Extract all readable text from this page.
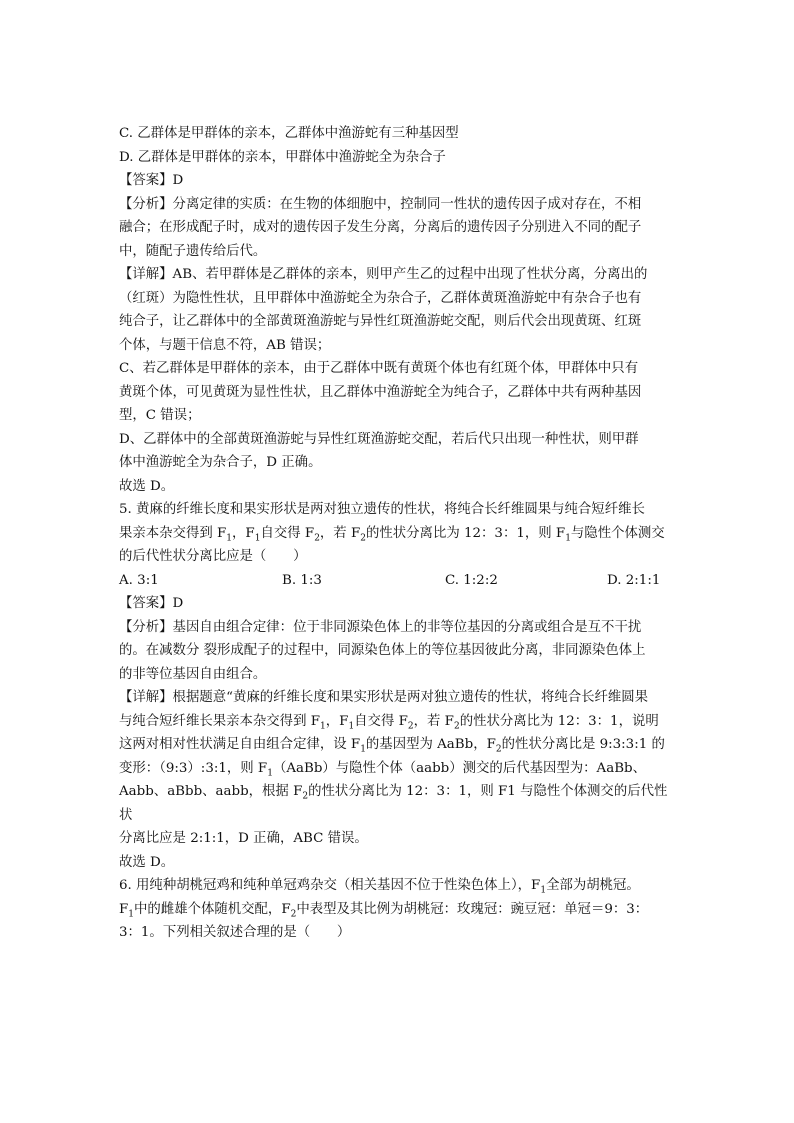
C. 乙群体是甲群体的亲本，乙群体中渔游蛇有三种基因型

D. 乙群体是甲群体的亲本，甲群体中渔游蛇全为杂合子

【答案】D

【分析】分离定律的实质：在生物的体细胞中，控制同一性状的遗传因子成对存在，不相

融合；在形成配子时，成对的遗传因子发生分离，分离后的遗传因子分别进入不同的配子

中，随配子遗传给后代。

【详解】AB、若甲群体是乙群体的亲本，则甲产生乙的过程中出现了性状分离，分离出的

（红斑）为隐性性状，且甲群体中渔游蛇全为杂合子，乙群体黄斑渔游蛇中有杂合子也有

纯合子，让乙群体中的全部黄斑渔游蛇与异性红斑渔游蛇交配，则后代会出现黄斑、红斑

个体，与题干信息不符，AB 错误；

C、若乙群体是甲群体的亲本，由于乙群体中既有黄斑个体也有红斑个体，甲群体中只有

黄斑个体，可见黄斑为显性性状，且乙群体中渔游蛇全为纯合子，乙群体中共有两种基因

型，C 错误；

D、乙群体中的全部黄斑渔游蛇与异性红斑渔游蛇交配，若后代只出现一种性状，则甲群

体中渔游蛇全为杂合子，D 正确。

故选 D。

5. 黄麻的纤维长度和果实形状是两对独立遗传的性状，将纯合长纤维圆果与纯合短纤维长

果亲本杂交得到 $F_1$，$F_1$自交得 $F_2$，若 $F_2$的性状分离比为 12：3：1，则 $F_1$与隐性个体测交

的后代性状分离比应是（　　）

A. 3:1	B. 1:3	C. 1:2:2	D. 2:1:1

【答案】D

【分析】基因自由组合定律：位于非同源染色体上的非等位基因的分离或组合是互不干扰

的。在减数分 裂形成配子的过程中，同源染色体上的等位基因彼此分离，非同源染色体上

的非等位基因自由组合。

【详解】根据题意“黄麻的纤维长度和果实形状是两对独立遗传的性状，将纯合长纤维圆果

与纯合短纤维长果亲本杂交得到 $F_1$，$F_1$自交得 $F_2$，若 $F_2$的性状分离比为 12：3：1，说明

这两对相对性状满足自由组合定律，设 $F_1$的基因型为 AaBb，$F_2$的性状分离比是 9:3:3:1 的

变形：（9:3）:3:1，则 $F_1(AaBb)$与隐性个体（aabb）测交的后代基因型为：AaBb、

Aabb、aBbb、aabb，根据 $F_2$的性状分离比为 12：3：1，则 F1 与隐性个体测交的后代性状

分离比应是 2:1:1，D 正确，ABC 错误。

故选 D。

6. 用纯种胡桃冠鸡和纯种单冠鸡杂交（相关基因不位于性染色体上），$F_1$全部为胡桃冠。

$F_1$中的雌雄个体随机交配，$F_2$中表型及其比例为胡桃冠：玫瑰冠：豌豆冠：单冠＝9：3：

3：1。下列相关叙述合理的是（　　）
